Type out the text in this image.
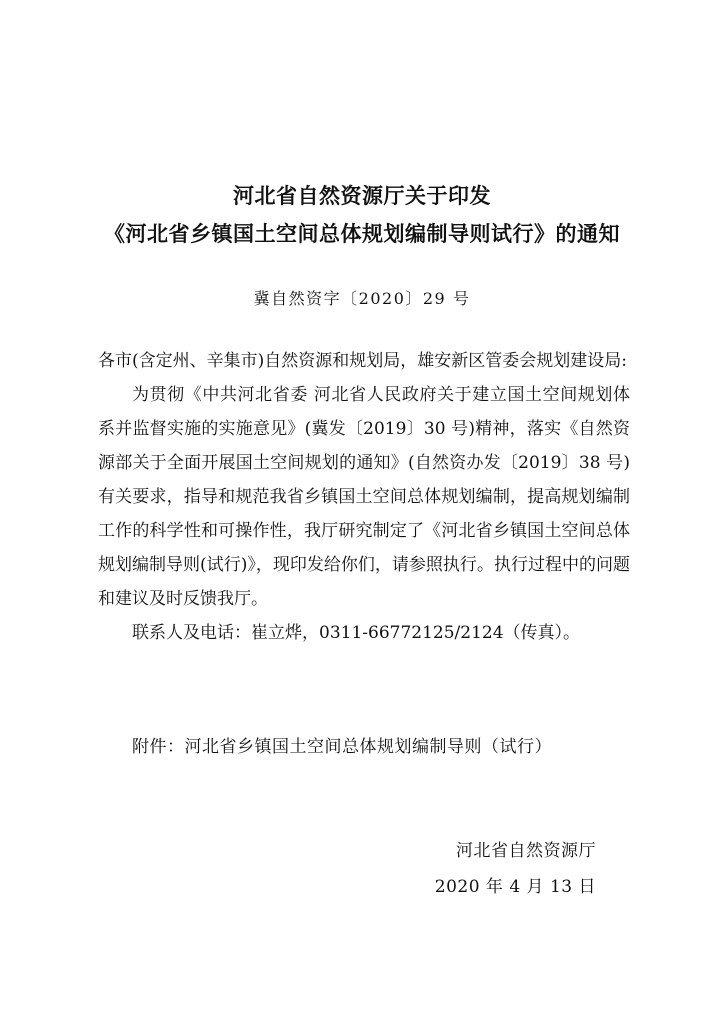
河北省自然资源厅关于印发
《河北省乡镇国土空间总体规划编制导则试行》的通知
冀自然资字〔2020〕29 号

各市(含定州、辛集市)自然资源和规划局，雄安新区管委会规划建设局:

为贯彻《中共河北省委 河北省人民政府关于建立国土空间规划体系并监督实施的实施意见》(冀发〔2019〕30 号)精神，落实《自然资源部关于全面开展国土空间规划的通知》(自然资办发〔2019〕38 号)有关要求，指导和规范我省乡镇国土空间总体规划编制，提高规划编制工作的科学性和可操作性，我厅研究制定了《河北省乡镇国土空间总体规划编制导则(试行)》，现印发给你们，请参照执行。执行过程中的问题和建议及时反馈我厅。

联系人及电话：崔立烨，0311-66772125/2124（传真）。

附件：河北省乡镇国土空间总体规划编制导则（试行）
河北省自然资源厅
2020 年 4 月 13 日
